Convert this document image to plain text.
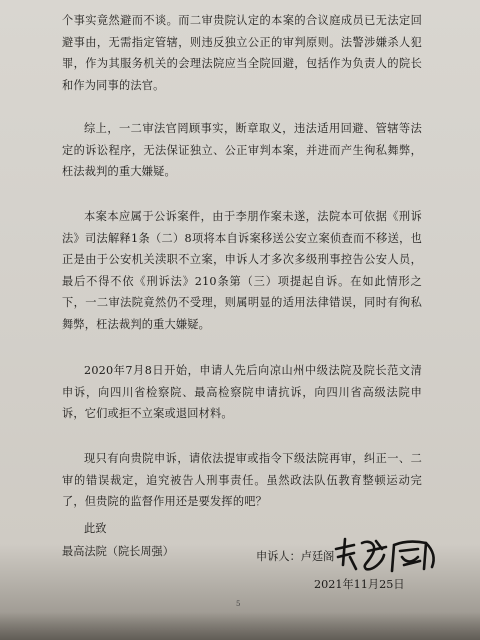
个事实竟然避而不谈。而二审贵院认定的本案的合议庭成员已无法定回避事由，无需指定管辖，则违反独立公正的审判原则。法警涉嫌杀人犯罪，作为其服务机关的会理法院应当全院回避，包括作为负责人的院长和作为同事的法官。

综上，一二审法官罔顾事实，断章取义，违法适用回避、管辖等法定的诉讼程序，无法保证独立、公正审判本案，并进而产生徇私舞弊，枉法裁判的重大嫌疑。

本案本应属于公诉案件，由于李朋作案未遂，法院本可依据《刑诉法》司法解释1条（二）8项将本自诉案移送公安立案侦查而不移送，也正是由于公安机关渎职不立案，申诉人才多次多级刑事控告公安人员，最后不得不依《刑诉法》210条第（三）项提起自诉。在如此情形之下，一二审法院竟然仍不受理，则属明显的适用法律错误，同时有徇私舞弊，枉法裁判的重大嫌疑。

2020年7月8日开始，申请人先后向凉山州中级法院及院长范文清申诉，向四川省检察院、最高检察院申请抗诉，向四川省高级法院申诉，它们或拒不立案或退回材料。

现只有向贵院申诉，请依法提审或指令下级法院再审，纠正一、二审的错误裁定，追究被告人刑事责任。虽然政法队伍教育整顿运动完了，但贵院的监督作用还是要发挥的吧？

此致
最高法院（院长周强）	申诉人：卢廷阁
2021年11月25日
5
